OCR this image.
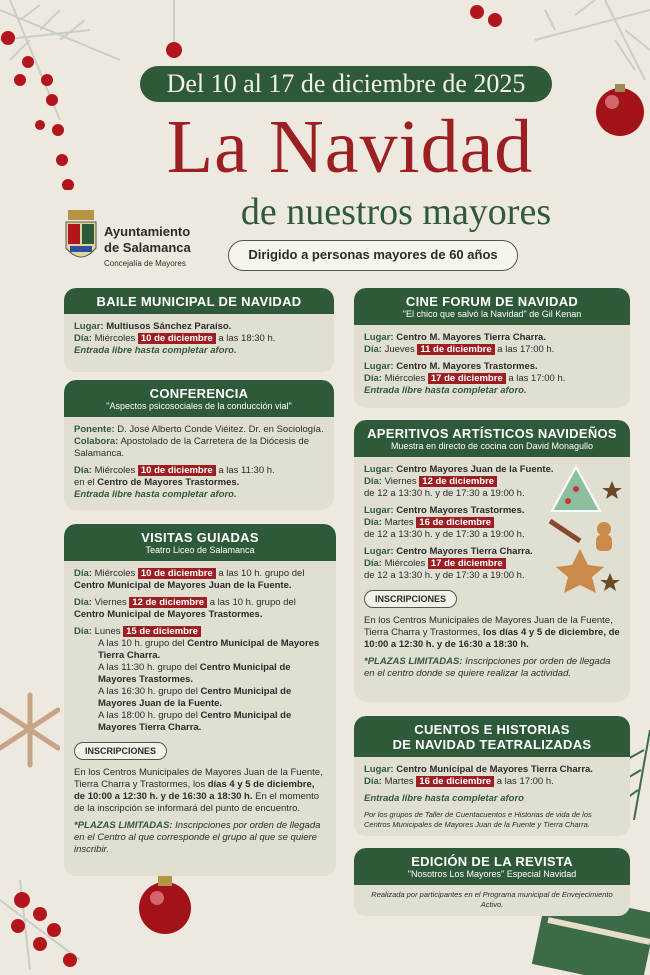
Del 10 al 17 de diciembre de 2025
La Navidad
de nuestros mayores
Ayuntamiento
de Salamanca
Concejalía de Mayores
Dirigido a personas mayores de 60 años
BAILE MUNICIPAL DE NAVIDAD
Lugar: Multiusos Sánchez Paraíso.
Día: Miércoles 10 de diciembre a las 18:30 h.
Entrada libre hasta completar aforo.
CONFERENCIA
"Aspectos psicosociales de la conducción vial"
Ponente: D. José Alberto Conde Viéitez. Dr. en Sociología. Colabora: Apostolado de la Carretera de la Diócesis de Salamanca.
Día: Miércoles 10 de diciembre a las 11:30 h.
en el Centro de Mayores Trastormes.
Entrada libre hasta completar aforo.
VISITAS GUIADAS
Teatro Liceo de Salamanca
Día: Miércoles 10 de diciembre a las 10 h. grupo del Centro Municipal de Mayores Juan de la Fuente.
Día: Viernes 12 de diciembre a las 10 h. grupo del Centro Municipal de Mayores Trastormes.
Día: Lunes 15 de diciembre
A las 10 h. grupo del Centro Municipal de Mayores Tierra Charra.
A las 11:30 h. grupo del Centro Municipal de Mayores Trastormes.
A las 16:30 h. grupo del Centro Municipal de Mayores Juan de la Fuente.
A las 18:00 h. grupo del Centro Municipal de Mayores Tierra Charra.
INSCRIPCIONES
En los Centros Municipales de Mayores Juan de la Fuente, Tierra Charra y Trastormes, los días 4 y 5 de diciembre, de 10:00 a 12:30 h. y de 16:30 a 18:30 h. En el momento de la inscripción se informará del punto de encuentro.
*PLAZAS LIMITADAS: Inscripciones por orden de llegada en el Centro al que corresponde el grupo al que se quiere inscribir.
CINE FORUM DE NAVIDAD
"El chico que salvó la Navidad" de Gil Kenan
Lugar: Centro M. Mayores Tierra Charra.
Día: Jueves 11 de diciembre a las 17:00 h.
Lugar: Centro M. Mayores Trastormes.
Día: Miércoles 17 de diciembre a las 17:00 h.
Entrada libre hasta completar aforo.
APERITIVOS ARTÍSTICOS NAVIDEÑOS
Muestra en directo de cocina con David Monagullo
Lugar: Centro Mayores Juan de la Fuente.
Día: Viernes 12 de diciembre
de 12 a 13:30 h. y de 17:30 a 19:00 h.
Lugar: Centro Mayores Trastormes.
Día: Martes 16 de diciembre
de 12 a 13:30 h. y de 17:30 a 19:00 h.
Lugar: Centro Mayores Tierra Charra.
Día: Miércoles 17 de diciembre
de 12 a 13:30 h. y de 17:30 a 19:00 h.
INSCRIPCIONES
En los Centros Municipales de Mayores Juan de la Fuente, Tierra Charra y Trastormes, los días 4 y 5 de diciembre, de 10:00 a 12:30 h. y de 16:30 a 18:30 h.
*PLAZAS LIMITADAS: Inscripciones por orden de llegada en el centro donde se quiere realizar la actividad.
CUENTOS E HISTORIAS
DE NAVIDAD TEATRALIZADAS
Lugar: Centro Municipal de Mayores Tierra Charra.
Día: Martes 16 de diciembre a las 17:00 h.
Entrada libre hasta completar aforo
Por los grupos de Taller de Cuentacuentos e Historias de vida de los Centros Municipales de Mayores Juan de la Fuente y Tierra Charra.
EDICIÓN DE LA REVISTA
"Nosotros Los Mayores" Especial Navidad
Realizada por participantes en el Programa municipal de Envejecimiento Activo.
